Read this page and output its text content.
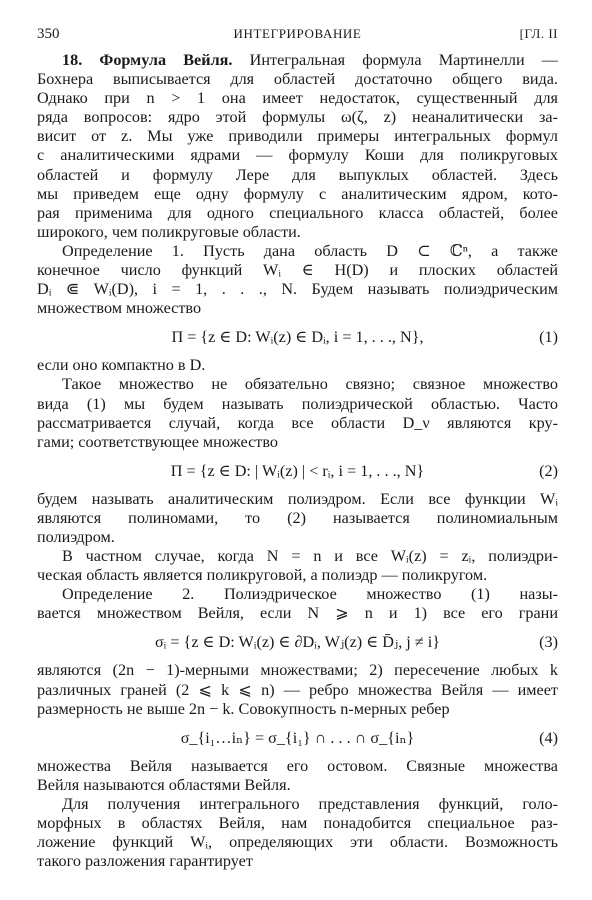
350	ИНТЕГРИРОВАНИЕ	[ГЛ. II
18. Формула Вейля. Интегральная формула Мартинелли —
Бохнера выписывается для областей достаточно общего вида.
Однако при n > 1 она имеет недостаток, существенный для
ряда вопросов: ядро этой формулы ω(ζ, z) неаналитически за-
висит от z. Мы уже приводили примеры интегральных формул
с аналитическими ядрами — формулу Коши для поликруговых
областей и формулу Лере для выпуклых областей. Здесь
мы приведем еще одну формулу с аналитическим ядром, кото-
рая применима для одного специального класса областей, более
широкого, чем поликруговые области.
Определение 1. Пусть дана область D ⊂ ℂⁿ, а также
конечное число функций Wᵢ ∈ H(D) и плоских областей
Dᵢ ⋐ Wᵢ(D), i = 1, . . ., N. Будем называть полиэдрическим
множеством множество
Π = {z ∈ D: Wᵢ(z) ∈ Dᵢ, i = 1, . . ., N},	(1)
если оно компактно в D.
Такое множество не обязательно связно; связное множество
вида (1) мы будем называть полиэдрической областью. Часто
рассматривается случай, когда все области D_ν являются кру-
гами; соответствующее множество
Π = {z ∈ D: | Wᵢ(z) | < rᵢ, i = 1, . . ., N}	(2)
будем называть аналитическим полиэдром. Если все функции Wᵢ
являются полиномами, то (2) называется полиномиальным
полиэдром.
В частном случае, когда N = n и все Wᵢ(z) = zᵢ, полиэдри-
ческая область является поликруговой, а полиэдр — поликругом.
Определение 2. Полиэдрическое множество (1) назы-
вается множеством Вейля, если N ⩾ n и 1) все его грани
σᵢ = {z ∈ D: Wᵢ(z) ∈ ∂Dᵢ, Wⱼ(z) ∈ D̄ⱼ, j ≠ i}	(3)
являются (2n − 1)-мерными множествами; 2) пересечение любых k
различных граней (2 ⩽ k ⩽ n) — ребро множества Вейля — имеет
размерность не выше 2n − k. Совокупность n-мерных ребер
σ_{i₁…iₙ} = σ_{i₁} ∩ . . . ∩ σ_{iₙ}	(4)
множества Вейля называется его остовом. Связные множества
Вейля называются областями Вейля.
Для получения интегрального представления функций, голо-
морфных в областях Вейля, нам понадобится специальное раз-
ложение функций Wᵢ, определяющих эти области. Возможность
такого разложения гарантирует
